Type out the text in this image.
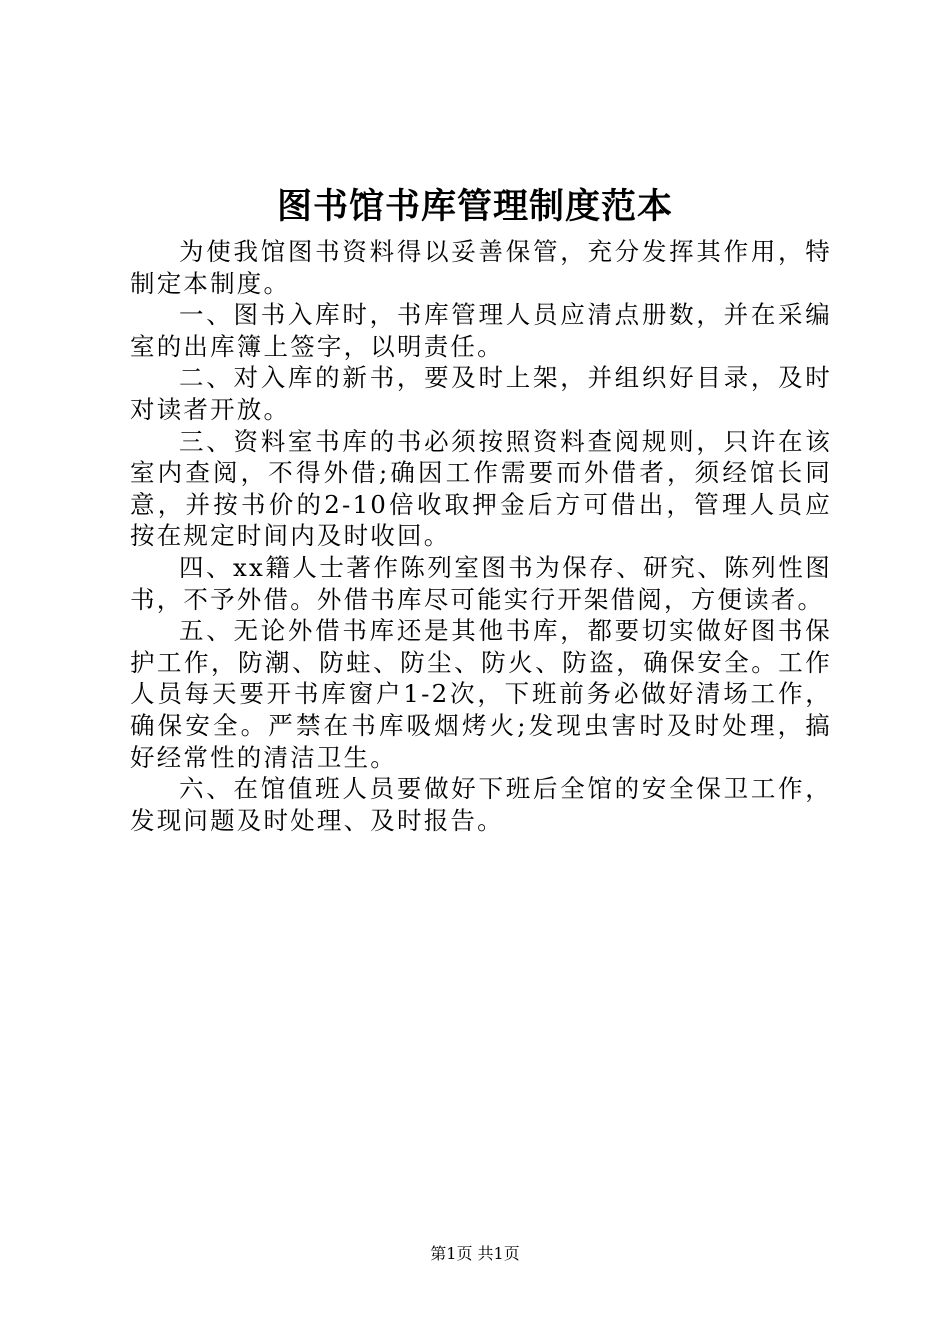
图书馆书库管理制度范本

为使我馆图书资料得以妥善保管，充分发挥其作用，特制定本制度。

一、图书入库时，书库管理人员应清点册数，并在采编室的出库簿上签字，以明责任。

二、对入库的新书，要及时上架，并组织好目录，及时对读者开放。

三、资料室书库的书必须按照资料查阅规则，只许在该室内查阅，不得外借;确因工作需要而外借者，须经馆长同意，并按书价的2-10倍收取押金后方可借出，管理人员应按在规定时间内及时收回。

四、xx籍人士著作陈列室图书为保存、研究、陈列性图书，不予外借。外借书库尽可能实行开架借阅，方便读者。

五、无论外借书库还是其他书库，都要切实做好图书保护工作，防潮、防蛀、防尘、防火、防盗，确保安全。工作人员每天要开书库窗户1-2次，下班前务必做好清场工作，确保安全。严禁在书库吸烟烤火;发现虫害时及时处理，搞好经常性的清洁卫生。

六、在馆值班人员要做好下班后全馆的安全保卫工作，发现问题及时处理、及时报告。

第1页 共1页
